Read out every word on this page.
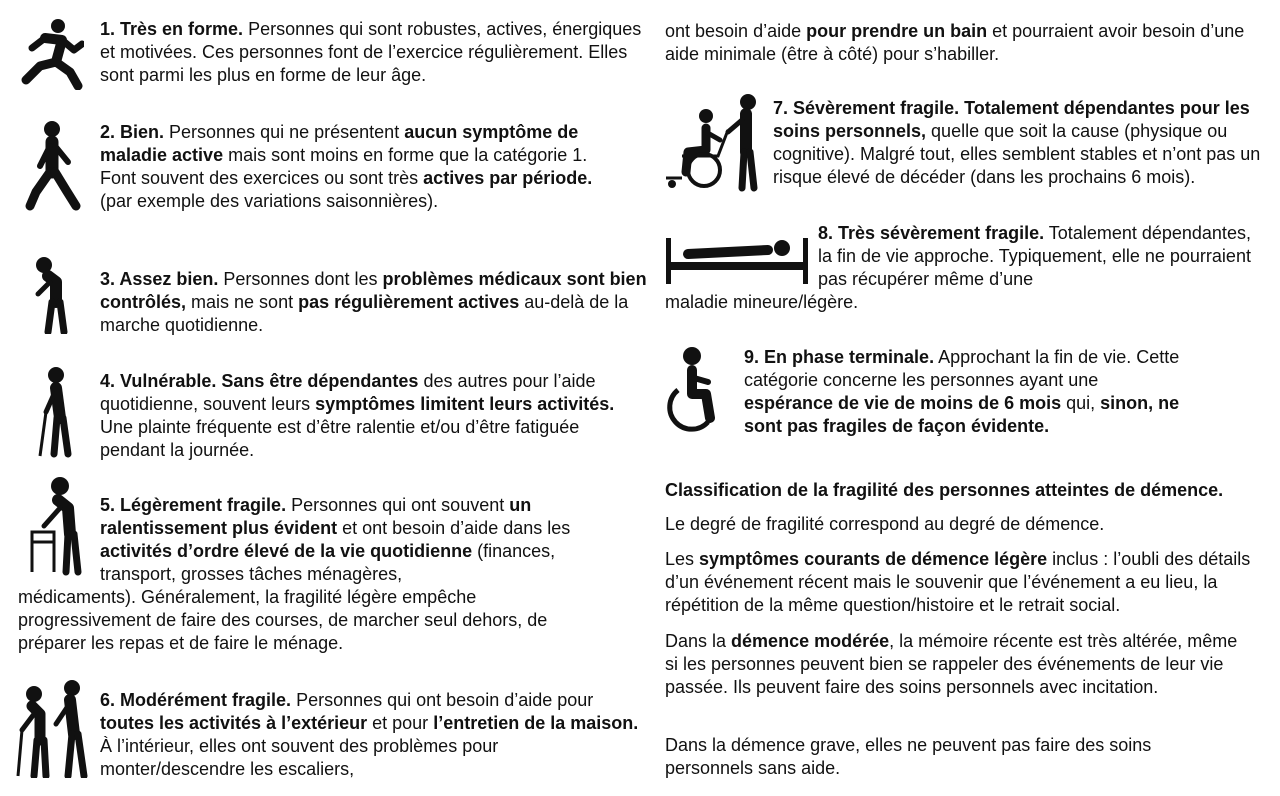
1. Très en forme. Personnes qui sont robustes, actives, énergiques et motivées. Ces personnes font de l’exercice régulièrement. Elles sont parmi les plus en forme de leur âge.

2. Bien. Personnes qui ne présentent aucun symptôme de maladie active mais sont moins en forme que la catégorie 1. Font souvent des exercices ou sont très actives par période. (par exemple des variations saisonnières).

3. Assez bien. Personnes dont les problèmes médicaux sont bien contrôlés, mais ne sont pas régulièrement actives au-delà de la marche quotidienne.

4. Vulnérable. Sans être dépendantes des autres pour l’aide quotidienne, souvent leurs symptômes limitent leurs activités. Une plainte fréquente est d’être ralentie et/ou d’être fatiguée pendant la journée.

5. Légèrement fragile. Personnes qui ont souvent un ralentissement plus évident et ont besoin d’aide dans les activités d’ordre élevé de la vie quotidienne (finances, transport, grosses tâches ménagères,

médicaments). Généralement, la fragilité légère empêche progressivement de faire des courses, de marcher seul dehors, de préparer les repas et de faire le ménage.

6. Modérément fragile. Personnes qui ont besoin d’aide pour toutes les activités à l’extérieur et pour l’entretien de la maison. À l’intérieur, elles ont souvent des problèmes pour monter/descendre les escaliers,

ont besoin d’aide pour prendre un bain et pourraient avoir besoin d’une aide minimale (être à côté) pour s’habiller.

7. Sévèrement fragile. Totalement dépendantes pour les soins personnels, quelle que soit la cause (physique ou cognitive). Malgré tout, elles semblent stables et n’ont pas un risque élevé de décéder (dans les prochains 6 mois).

8. Très sévèrement fragile. Totalement dépendantes, la fin de vie approche. Typiquement, elle ne pourraient pas récupérer même d’une

maladie mineure/légère.

9. En phase terminale. Approchant la fin de vie. Cette catégorie concerne les personnes ayant une espérance de vie de moins de 6 mois qui, sinon, ne sont pas fragiles de façon évidente.

Classification de la fragilité des personnes atteintes de démence.

Le degré de fragilité correspond au degré de démence.

Les symptômes courants de démence légère inclus : l’oubli des détails d’un événement récent mais le souvenir que l’événement a eu lieu, la répétition de la même question/histoire et le retrait social.

Dans la démence modérée, la mémoire récente est très altérée, même si les personnes peuvent bien se rappeler des événements de leur vie passée. Ils peuvent faire des soins personnels avec incitation.

Dans la démence grave, elles ne peuvent pas faire des soins personnels sans aide.
